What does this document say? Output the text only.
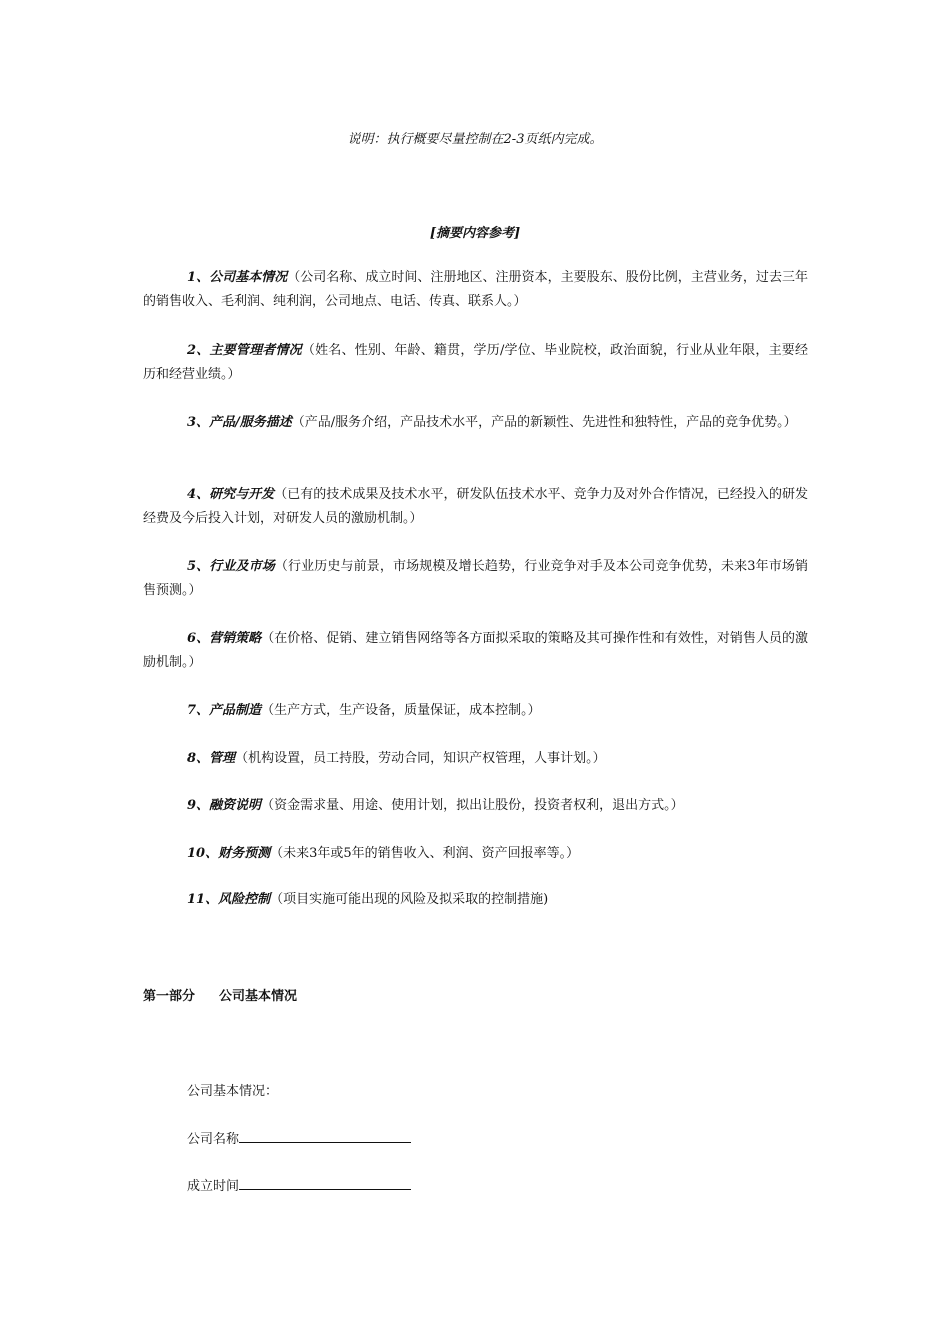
说明：执行概要尽量控制在2-3页纸内完成。
[摘要内容参考]
1、公司基本情况（公司名称、成立时间、注册地区、注册资本，主要股东、股份比例，主营业务，过去三年的销售收入、毛利润、纯利润，公司地点、电话、传真、联系人。）
2、主要管理者情况（姓名、性别、年龄、籍贯，学历/学位、毕业院校，政治面貌，行业从业年限，主要经历和经营业绩。）
3、产品/服务描述（产品/服务介绍，产品技术水平，产品的新颖性、先进性和独特性，产品的竞争优势。）
4、研究与开发（已有的技术成果及技术水平，研发队伍技术水平、竞争力及对外合作情况，已经投入的研发经费及今后投入计划，对研发人员的激励机制。）
5、行业及市场（行业历史与前景，市场规模及增长趋势，行业竞争对手及本公司竞争优势，未来3年市场销售预测。）
6、营销策略（在价格、促销、建立销售网络等各方面拟采取的策略及其可操作性和有效性，对销售人员的激励机制。）
7、产品制造（生产方式，生产设备，质量保证，成本控制。）
8、管理（机构设置，员工持股，劳动合同，知识产权管理，人事计划。）
9、融资说明（资金需求量、用途、使用计划，拟出让股份，投资者权利，退出方式。）
10、财务预测（未来3年或5年的销售收入、利润、资产回报率等。）
11、风险控制（项目实施可能出现的风险及拟采取的控制措施)
第一部分 公司基本情况
公司基本情况：
公司名称
成立时间
